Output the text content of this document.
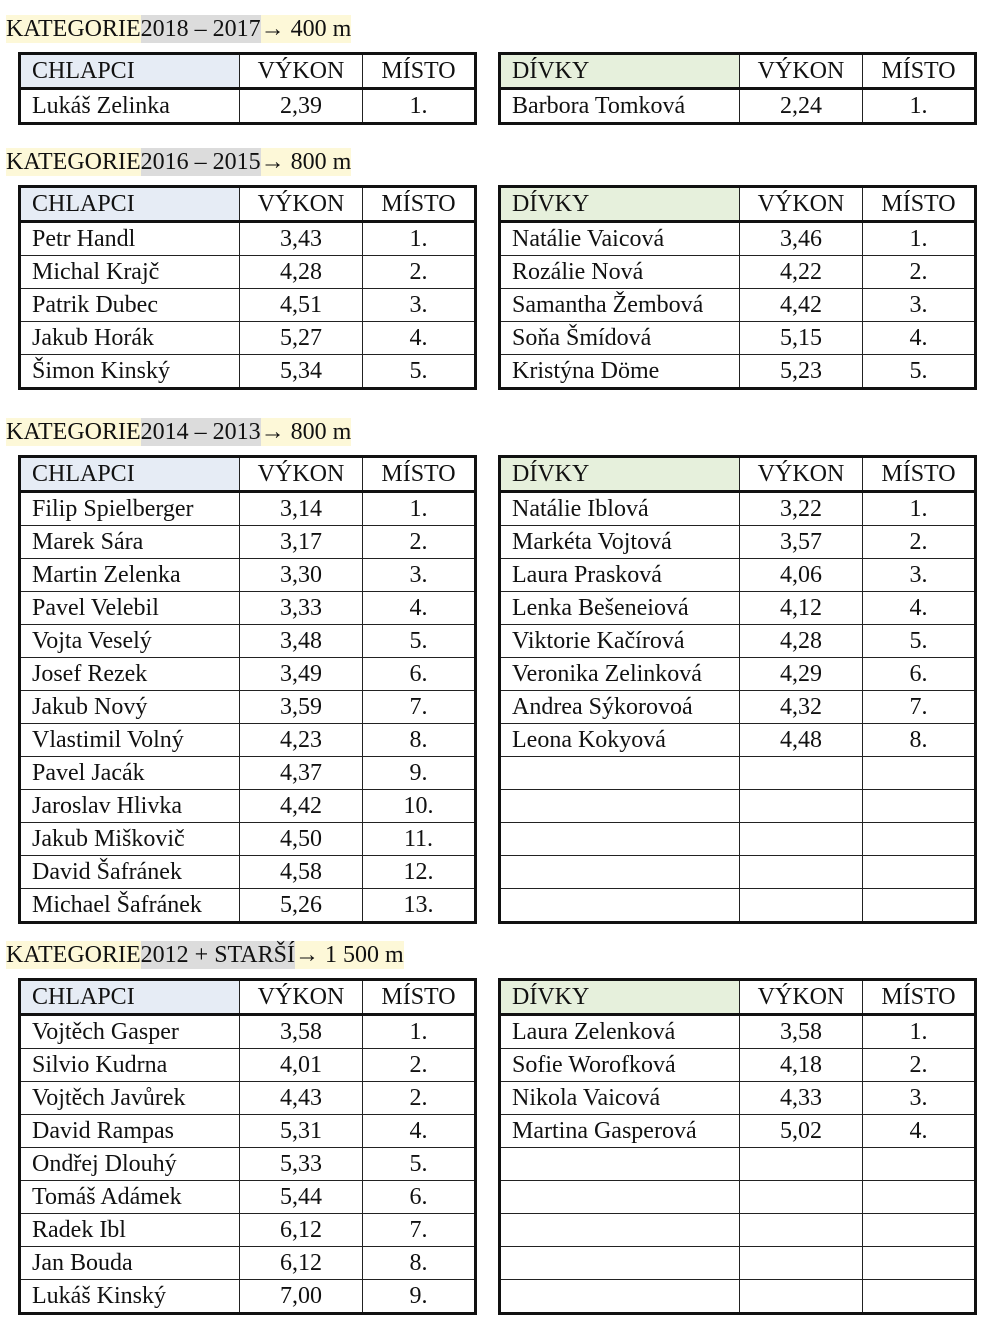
KATEGORIE2018 – 2017→ 400 m
CHLAPCI	VÝKON	MÍSTO
Lukáš Zelinka	2,39	1.
DÍVKY	VÝKON	MÍSTO
Barbora Tomková	2,24	1.
KATEGORIE2016 – 2015→ 800 m
CHLAPCI	VÝKON	MÍSTO
Petr Handl	3,43	1.
Michal Krajč	4,28	2.
Patrik Dubec	4,51	3.
Jakub Horák	5,27	4.
Šimon Kinský	5,34	5.
DÍVKY	VÝKON	MÍSTO
Natálie Vaicová	3,46	1.
Rozálie Nová	4,22	2.
Samantha Žembová	4,42	3.
Soňa Šmídová	5,15	4.
Kristýna Döme	5,23	5.
KATEGORIE2014 – 2013→ 800 m
CHLAPCI	VÝKON	MÍSTO
Filip Spielberger	3,14	1.
Marek Sára	3,17	2.
Martin Zelenka	3,30	3.
Pavel Velebil	3,33	4.
Vojta Veselý	3,48	5.
Josef Rezek	3,49	6.
Jakub Nový	3,59	7.
Vlastimil Volný	4,23	8.
Pavel Jacák	4,37	9.
Jaroslav Hlivka	4,42	10.
Jakub Miškovič	4,50	11.
David Šafránek	4,58	12.
Michael Šafránek	5,26	13.
DÍVKY	VÝKON	MÍSTO
Natálie Iblová	3,22	1.
Markéta Vojtová	3,57	2.
Laura Prasková	4,06	3.
Lenka Bešeneiová	4,12	4.
Viktorie Kačírová	4,28	5.
Veronika Zelinková	4,29	6.
Andrea Sýkorovoá	4,32	7.
Leona Kokyová	4,48	8.

KATEGORIE2012 + STARŠÍ→ 1 500 m
CHLAPCI	VÝKON	MÍSTO
Vojtěch Gasper	3,58	1.
Silvio Kudrna	4,01	2.
Vojtěch Javůrek	4,43	2.
David Rampas	5,31	4.
Ondřej Dlouhý	5,33	5.
Tomáš Adámek	5,44	6.
Radek Ibl	6,12	7.
Jan Bouda	6,12	8.
Lukáš Kinský	7,00	9.
DÍVKY	VÝKON	MÍSTO
Laura Zelenková	3,58	1.
Sofie Worofková	4,18	2.
Nikola Vaicová	4,33	3.
Martina Gasperová	5,02	4.
